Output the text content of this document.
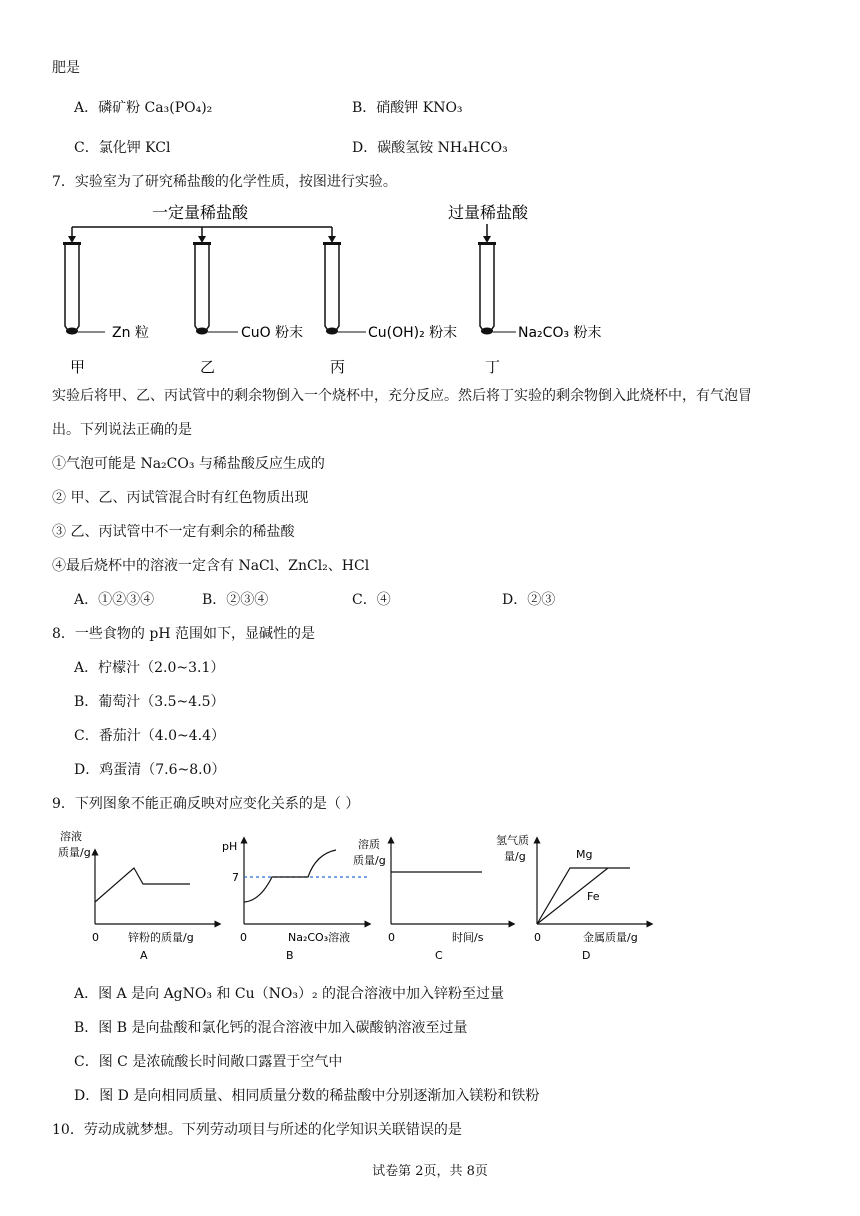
肥是
A．磷矿粉 Ca₃(PO₄)₂	B．硝酸钾 KNO₃
C．氯化钾 KCl	D．碳酸氢铵 NH₄HCO₃
7．实验室为了研究稀盐酸的化学性质，按图进行实验。
一定量稀盐酸	过量稀盐酸
Zn 粒
甲
CuO 粉末
乙
Cu(OH)₂ 粉末
丙
Na₂CO₃ 粉末
丁
实验后将甲、乙、丙试管中的剩余物倒入一个烧杯中，充分反应。然后将丁实验的剩余物倒入此烧杯中，有气泡冒
出。下列说法正确的是
①气泡可能是 Na₂CO₃ 与稀盐酸反应生成的
② 甲、乙、丙试管混合时有红色物质出现
③ 乙、丙试管中不一定有剩余的稀盐酸
④最后烧杯中的溶液一定含有 NaCl、ZnCl₂、HCl
A．①②③④	B．②③④	C．④	D．②③
8．一些食物的 pH 范围如下，显碱性的是
A．柠檬汁（2.0~3.1）
B．葡萄汁（3.5~4.5）
C．番茄汁（4.0~4.4）
D．鸡蛋清（7.6~8.0）
9．下列图象不能正确反映对应变化关系的是（ ）
溶液
质量/g
0	锌粉的质量/g
A
pH
7
0	Na₂CO₃溶液
B
溶质
质量/g
0	时间/s
C
氢气质
量/g	Mg
Fe
0	金属质量/g
D
A．图 A 是向 AgNO₃ 和 Cu（NO₃）₂ 的混合溶液中加入锌粉至过量
B．图 B 是向盐酸和氯化钙的混合溶液中加入碳酸钠溶液至过量
C．图 C 是浓硫酸长时间敞口露置于空气中
D．图 D 是向相同质量、相同质量分数的稀盐酸中分别逐渐加入镁粉和铁粉
10．劳动成就梦想。下列劳动项目与所述的化学知识关联错误的是
试卷第 2页，共 8页
